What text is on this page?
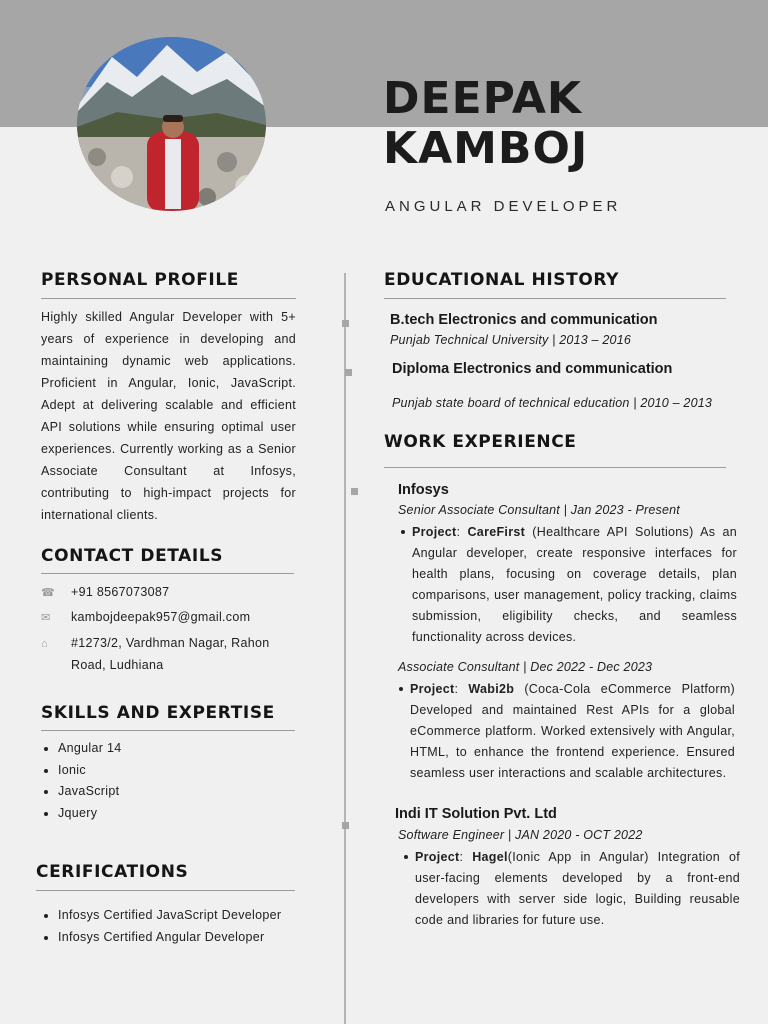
DEEPAK
KAMBOJ
ANGULAR DEVELOPER
PERSONAL PROFILE
Highly skilled Angular Developer with 5+ years of experience in developing and maintaining dynamic web applications. Proficient in Angular, Ionic, JavaScript. Adept at delivering scalable and efficient API solutions while ensuring optimal user experiences. Currently working as a Senior Associate Consultant at Infosys, contributing to high-impact projects for international clients.
CONTACT DETAILS
☎	+91 8567073087
✉	kambojdeepak957@gmail.com
⌂	#1273/2, Vardhman Nagar, Rahon Road, Ludhiana
SKILLS AND EXPERTISE
Angular 14
Ionic
JavaScript
Jquery
CERIFICATIONS
Infosys Certified JavaScript Developer
Infosys Certified Angular Developer
EDUCATIONAL HISTORY
B.tech Electronics and communication
Punjab Technical University | 2013 – 2016
Diploma Electronics and communication
Punjab state board of technical education | 2010 – 2013
WORK EXPERIENCE
Infosys
Senior Associate Consultant | Jan 2023 - Present
Project: CareFirst (Healthcare API Solutions) As an Angular developer, create responsive interfaces for health plans, focusing on coverage details, plan comparisons, user management, policy tracking, claims submission, eligibility checks, and seamless functionality across devices.
Associate Consultant | Dec 2022 - Dec 2023
Project: Wabi2b (Coca-Cola eCommerce Platform) Developed and maintained Rest APIs for a global eCommerce platform. Worked extensively with Angular, HTML, to enhance the frontend experience. Ensured seamless user interactions and scalable architectures.
Indi IT Solution Pvt. Ltd
Software Engineer | JAN 2020 - OCT 2022
Project: Hagel(Ionic App in Angular) Integration of user-facing elements developed by a front-end developers with server side logic, Building reusable code and libraries for future use.
